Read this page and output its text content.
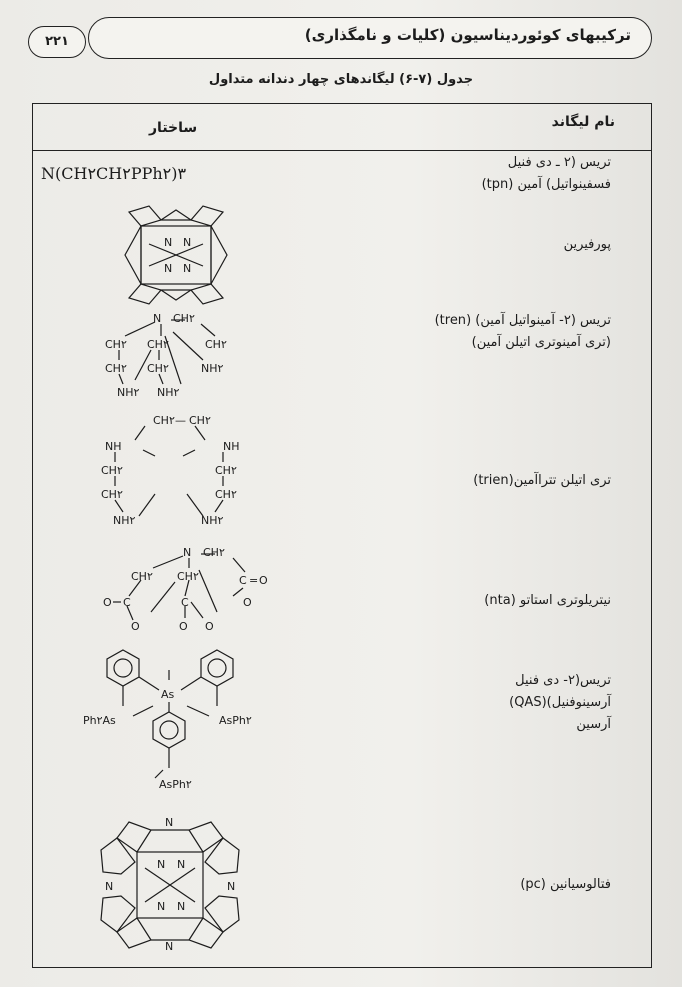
ترکیبهای کوئوردیناسیون (کلیات و نامگذاری)
۲۲۱
جدول (۷-۶) لیگاندهای چهار دندانه متداول
نام لیگاند
ساختار
تریس (۲ ـ دی فنیل
فسفینواتیل) آمین (tpn)
N(CH۲CH۲PPh۲)۳
پورفیرین
N N
N N
تریس (۲- آمینواتیل آمین) (tren)
(تری آمینوتری اتیلن آمین)
N CH۲
CH۲ CH۲	CH۲
CH۲ CH۲	NH۲
NH۲ NH۲
تری اتیلن تتراآمین(trien)
CH۲ — CH۲
NH	NH
CH۲	CH۲
CH۲	CH۲
NH۲	NH۲
نیتریلوتری استاتو (nta)
N CH۲
CH۲ CH۲	C = O
O C	C
O	O O
O
تریس(۲- دی فنیل
آرسینوفنیل)(QAS)
آرسین
As
Ph۲As	AsPh۲
AsPh۲
فتالوسیانین (pc)
N N
N N
N
N
N	N
